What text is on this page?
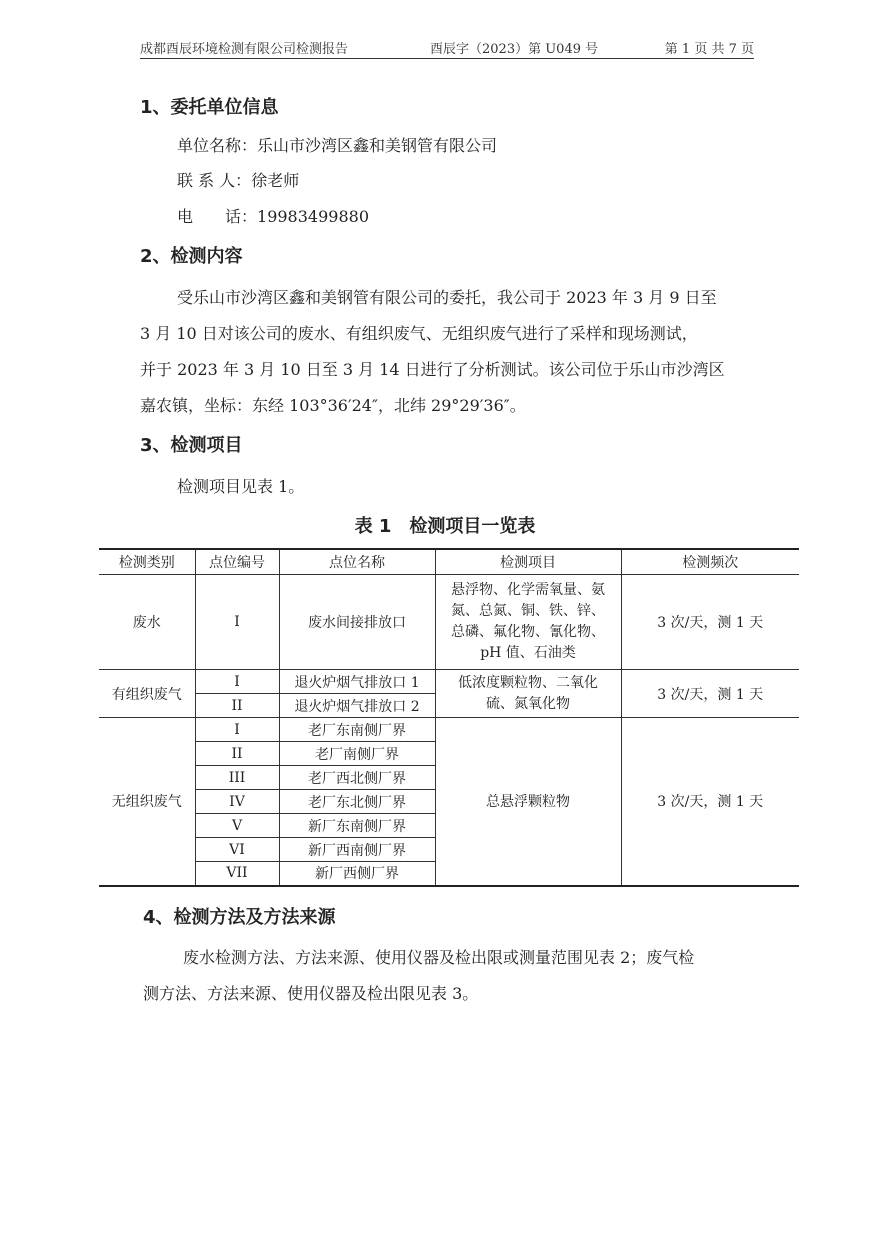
成都酉辰环境检测有限公司检测报告	酉辰字（2023）第 U049 号	第 1 页 共 7 页
1、委托单位信息
单位名称：乐山市沙湾区鑫和美钢管有限公司
联 系 人：徐老师
电　　话：19983499880
2、检测内容
受乐山市沙湾区鑫和美钢管有限公司的委托，我公司于 2023 年 3 月 9 日至
3 月 10 日对该公司的废水、有组织废气、无组织废气进行了采样和现场测试，
并于 2023 年 3 月 10 日至 3 月 14 日进行了分析测试。该公司位于乐山市沙湾区
嘉农镇，坐标：东经 103°36′24″，北纬 29°29′36″。
3、检测项目
检测项目见表 1。
表 1　检测项目一览表
检测类别	点位编号	点位名称	检测项目	检测频次
废水	I	废水间接排放口	悬浮物、化学需氧量、氨
氮、总氮、铜、铁、锌、
总磷、氟化物、氰化物、
pH 值、石油类	3 次/天，测 1 天
有组织废气	I	退火炉烟气排放口 1	低浓度颗粒物、二氧化
硫、氮氧化物	3 次/天，测 1 天
	II	退火炉烟气排放口 2		
无组织废气	I	老厂东南侧厂界	总悬浮颗粒物	3 次/天，测 1 天
	II	老厂南侧厂界		
	III	老厂西北侧厂界		
	IV	老厂东北侧厂界		
	V	新厂东南侧厂界		
	VI	新厂西南侧厂界		
	VII	新厂西侧厂界		
4、检测方法及方法来源
废水检测方法、方法来源、使用仪器及检出限或测量范围见表 2；废气检
测方法、方法来源、使用仪器及检出限见表 3。
